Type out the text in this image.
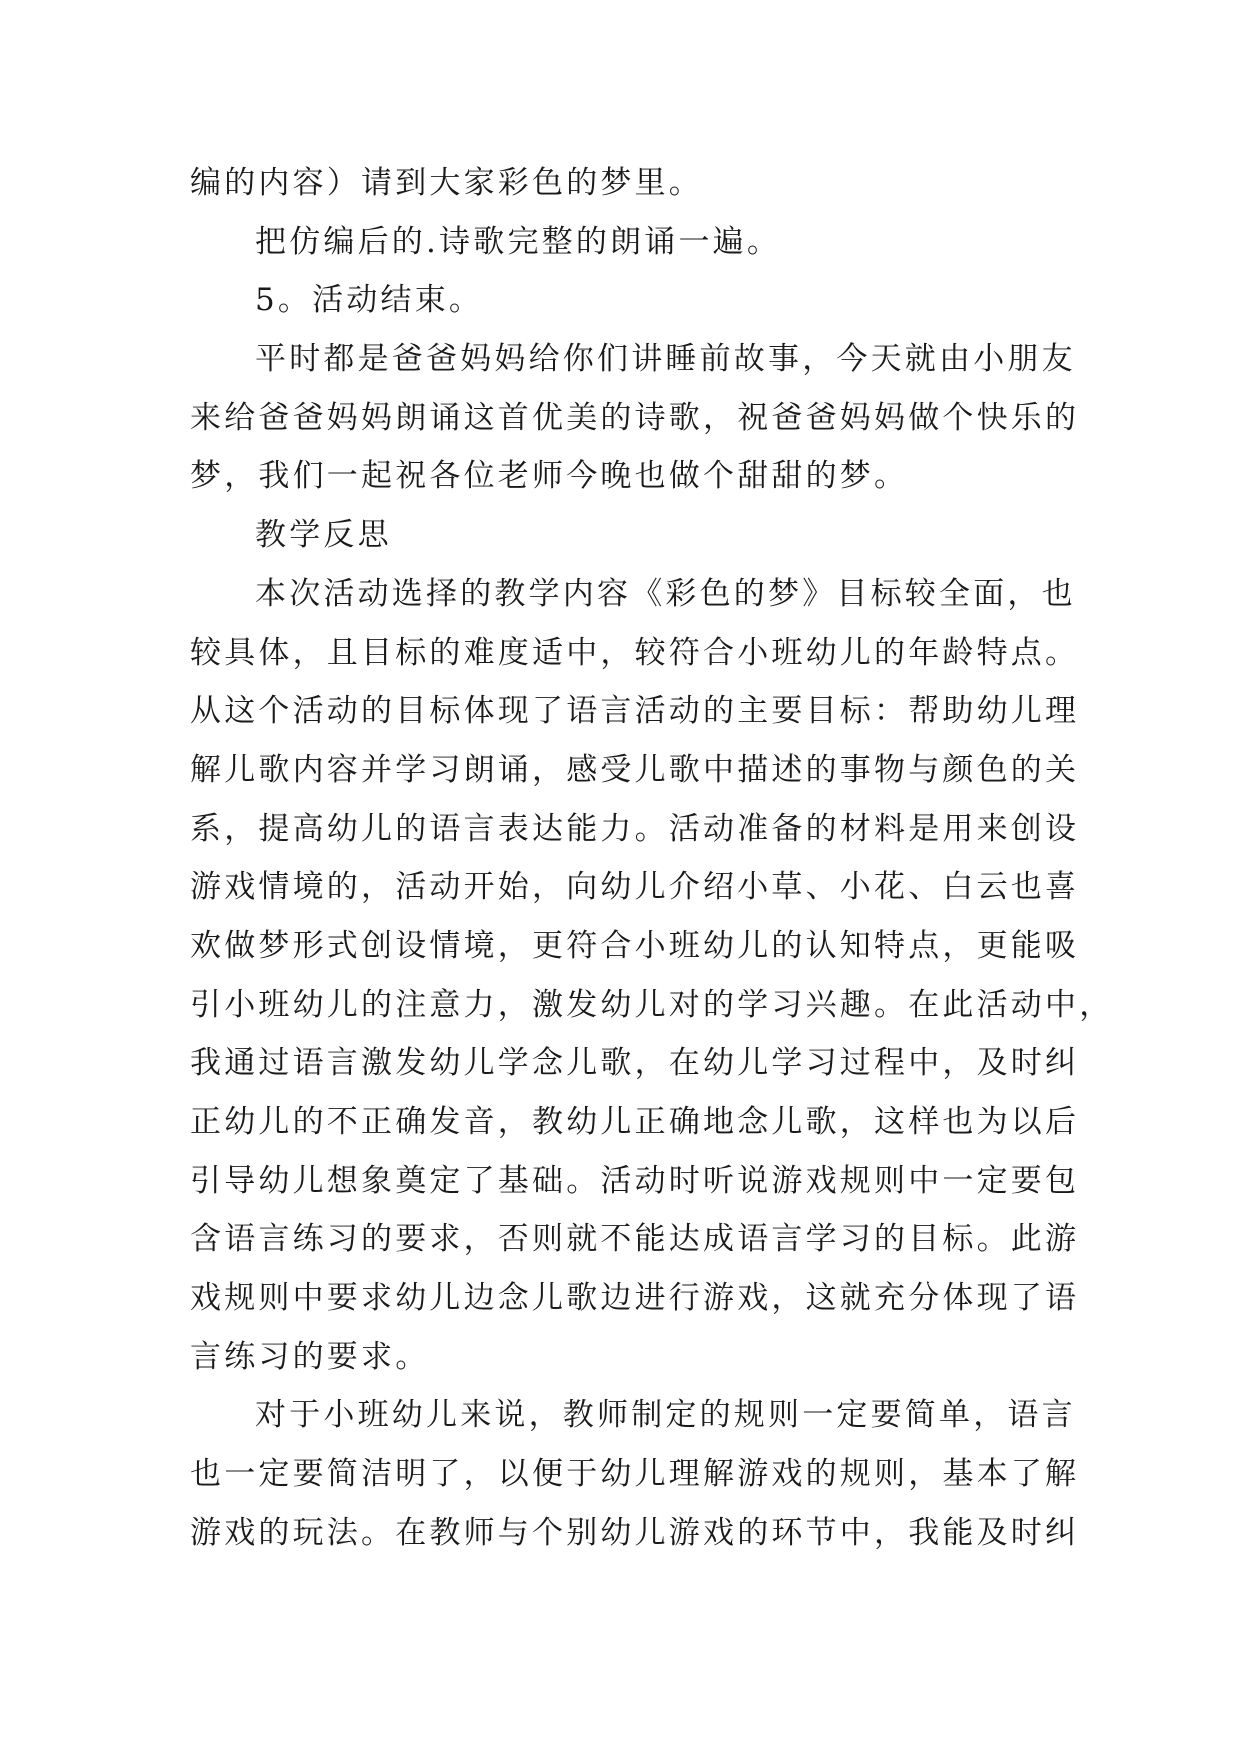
编的内容）请到大家彩色的梦里。
把仿编后的.诗歌完整的朗诵一遍。
5。活动结束。
平时都是爸爸妈妈给你们讲睡前故事，今天就由小朋友
来给爸爸妈妈朗诵这首优美的诗歌，祝爸爸妈妈做个快乐的
梦，我们一起祝各位老师今晚也做个甜甜的梦。
教学反思
本次活动选择的教学内容《彩色的梦》目标较全面，也
较具体，且目标的难度适中，较符合小班幼儿的年龄特点。
从这个活动的目标体现了语言活动的主要目标：帮助幼儿理
解儿歌内容并学习朗诵，感受儿歌中描述的事物与颜色的关
系，提高幼儿的语言表达能力。活动准备的材料是用来创设
游戏情境的，活动开始，向幼儿介绍小草、小花、白云也喜
欢做梦形式创设情境，更符合小班幼儿的认知特点，更能吸
引小班幼儿的注意力，激发幼儿对的学习兴趣。在此活动中，
我通过语言激发幼儿学念儿歌，在幼儿学习过程中，及时纠
正幼儿的不正确发音，教幼儿正确地念儿歌，这样也为以后
引导幼儿想象奠定了基础。活动时听说游戏规则中一定要包
含语言练习的要求，否则就不能达成语言学习的目标。此游
戏规则中要求幼儿边念儿歌边进行游戏，这就充分体现了语
言练习的要求。
对于小班幼儿来说，教师制定的规则一定要简单，语言
也一定要简洁明了，以便于幼儿理解游戏的规则，基本了解
游戏的玩法。在教师与个别幼儿游戏的环节中，我能及时纠
